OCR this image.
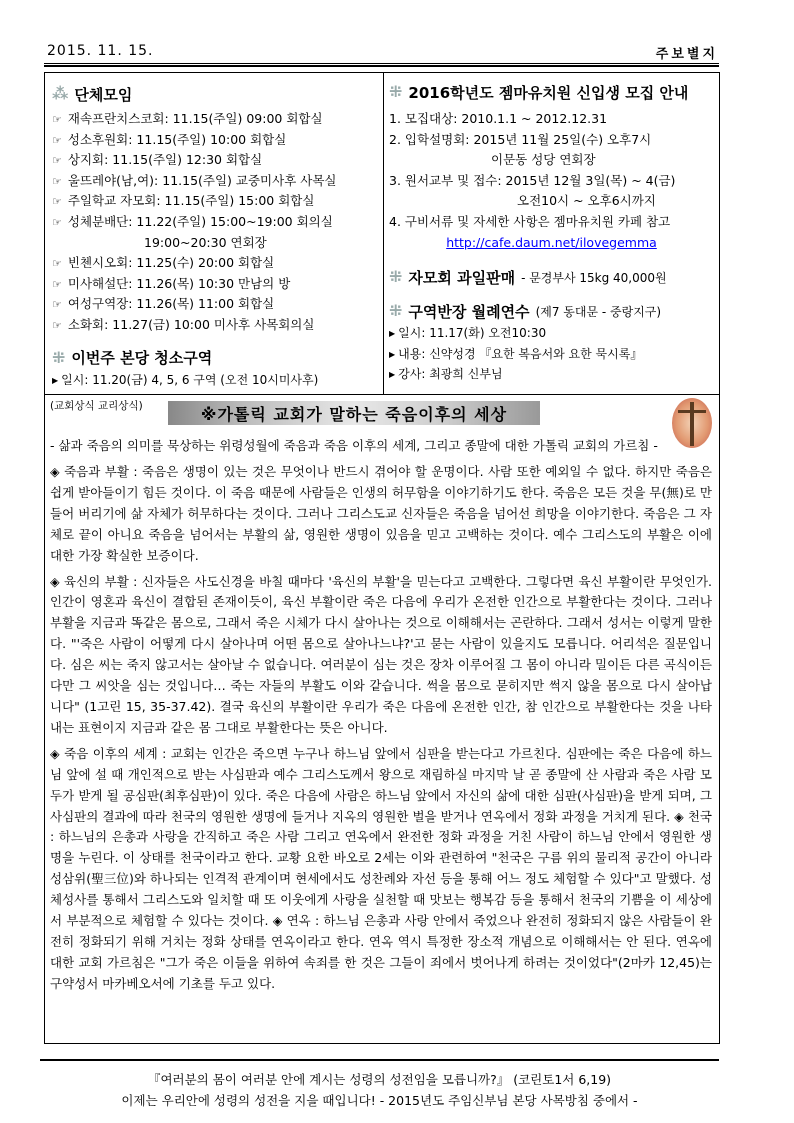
2015. 11. 15.	주보별지
⁂ 단체모임
☞ 재속프란치스코회: 11.15(주일) 09:00 회합실
☞ 성소후원회: 11.15(주일) 10:00 회합실
☞ 상지회: 11.15(주일) 12:30 회합실
☞ 울뜨레야(남,여): 11.15(주일) 교중미사후 사목실
☞ 주일학교 자모회: 11.15(주일) 15:00 회합실
☞ 성체분배단: 11.22(주일) 15:00~19:00 회의실
19:00~20:30 연회장
☞ 빈첸시오회: 11.25(수) 20:00 회합실
☞ 미사해설단: 11.26(목) 10:30 만남의 방
☞ 여성구역장: 11.26(목) 11:00 회합실
☞ 소화회: 11.27(금) 10:00 미사후 사목회의실
⁜ 이번주 본당 청소구역
▶ 일시: 11.20(금) 4, 5, 6 구역 (오전 10시미사후)
⁜ 2016학년도 젬마유치원 신입생 모집 안내
1. 모집대상: 2010.1.1 ~ 2012.12.31
2. 입학설명회: 2015년 11월 25일(수) 오후7시
이문동 성당 연회장
3. 원서교부 및 접수: 2015년 12월 3일(목) ~ 4(금)
오전10시 ~ 오후6시까지
4. 구비서류 및 자세한 사항은 젬마유치원 카페 참고
http://cafe.daum.net/ilovegemma
⁜ 자모회 과일판매 - 문경부사 15kg 40,000원
⁜ 구역반장 월례연수 (제7 동대문 - 중랑지구)
▶ 일시: 11.17(화) 오전10:30
▶ 내용: 신약성경 『요한 복음서와 요한 묵시록』
▶ 강사: 최광희 신부님
(교회상식 교리상식)	※가톨릭 교회가 말하는 죽음이후의 세상
- 삶과 죽음의 의미를 묵상하는 위령성월에 죽음과 죽음 이후의 세계, 그리고 종말에 대한 가톨릭 교회의 가르침 -

◈ 죽음과 부활 : 죽음은 생명이 있는 것은 무엇이나 반드시 겪어야 할 운명이다. 사람 또한 예외일 수 없다. 하지만 죽음은 쉽게 받아들이기 힘든 것이다. 이 죽음 때문에 사람들은 인생의 허무함을 이야기하기도 한다. 죽음은 모든 것을 무(無)로 만들어 버리기에 삶 자체가 허무하다는 것이다. 그러나 그리스도교 신자들은 죽음을 넘어선 희망을 이야기한다. 죽음은 그 자체로 끝이 아니요 죽음을 넘어서는 부활의 삶, 영원한 생명이 있음을 믿고 고백하는 것이다. 예수 그리스도의 부활은 이에 대한 가장 확실한 보증이다.

◈ 육신의 부활 : 신자들은 사도신경을 바칠 때마다 '육신의 부활'을 믿는다고 고백한다. 그렇다면 육신 부활이란 무엇인가. 인간이 영혼과 육신이 결합된 존재이듯이, 육신 부활이란 죽은 다음에 우리가 온전한 인간으로 부활한다는 것이다. 그러나 부활을 지금과 똑같은 몸으로, 그래서 죽은 시체가 다시 살아나는 것으로 이해해서는 곤란하다. 그래서 성서는 이렇게 말한다. "'죽은 사람이 어떻게 다시 살아나며 어떤 몸으로 살아나느냐?'고 묻는 사람이 있을지도 모릅니다. 어리석은 질문입니다. 심은 씨는 죽지 않고서는 살아날 수 없습니다. 여러분이 심는 것은 장차 이루어질 그 몸이 아니라 밀이든 다른 곡식이든 다만 그 씨앗을 심는 것입니다… 죽는 자들의 부활도 이와 같습니다. 썩을 몸으로 묻히지만 썩지 않을 몸으로 다시 살아납니다" (1고린 15, 35-37.42). 결국 육신의 부활이란 우리가 죽은 다음에 온전한 인간, 참 인간으로 부활한다는 것을 나타내는 표현이지 지금과 같은 몸 그대로 부활한다는 뜻은 아니다.

◈ 죽음 이후의 세계 : 교회는 인간은 죽으면 누구나 하느님 앞에서 심판을 받는다고 가르친다. 심판에는 죽은 다음에 하느님 앞에 설 때 개인적으로 받는 사심판과 예수 그리스도께서 왕으로 재림하실 마지막 날 곧 종말에 산 사람과 죽은 사람 모두가 받게 될 공심판(최후심판)이 있다. 죽은 다음에 사람은 하느님 앞에서 자신의 삶에 대한 심판(사심판)을 받게 되며, 그 사심판의 결과에 따라 천국의 영원한 생명에 들거나 지옥의 영원한 벌을 받거나 연옥에서 정화 과정을 거치게 된다. ◈ 천국 : 하느님의 은총과 사랑을 간직하고 죽은 사람 그리고 연옥에서 완전한 정화 과정을 거친 사람이 하느님 안에서 영원한 생명을 누린다. 이 상태를 천국이라고 한다. 교황 요한 바오로 2세는 이와 관련하여 "천국은 구름 위의 물리적 공간이 아니라 성삼위(聖三位)와 하나되는 인격적 관계이며 현세에서도 성찬례와 자선 등을 통해 어느 정도 체험할 수 있다"고 말했다. 성체성사를 통해서 그리스도와 일치할 때 또 이웃에게 사랑을 실천할 때 맛보는 행복감 등을 통해서 천국의 기쁨을 이 세상에서 부분적으로 체험할 수 있다는 것이다. ◈ 연옥 : 하느님 은총과 사랑 안에서 죽었으나 완전히 정화되지 않은 사람들이 완전히 정화되기 위해 거치는 정화 상태를 연옥이라고 한다. 연옥 역시 특정한 장소적 개념으로 이해해서는 안 된다. 연옥에 대한 교회 가르침은 "그가 죽은 이들을 위하여 속죄를 한 것은 그들이 죄에서 벗어나게 하려는 것이었다"(2마카 12,45)는 구약성서 마카베오서에 기초를 두고 있다.

『여러분의 몸이 여러분 안에 계시는 성령의 성전임을 모릅니까?』 (코린토1서 6,19)
이제는 우리안에 성령의 성전을 지을 때입니다! - 2015년도 주임신부님 본당 사목방침 중에서 -
